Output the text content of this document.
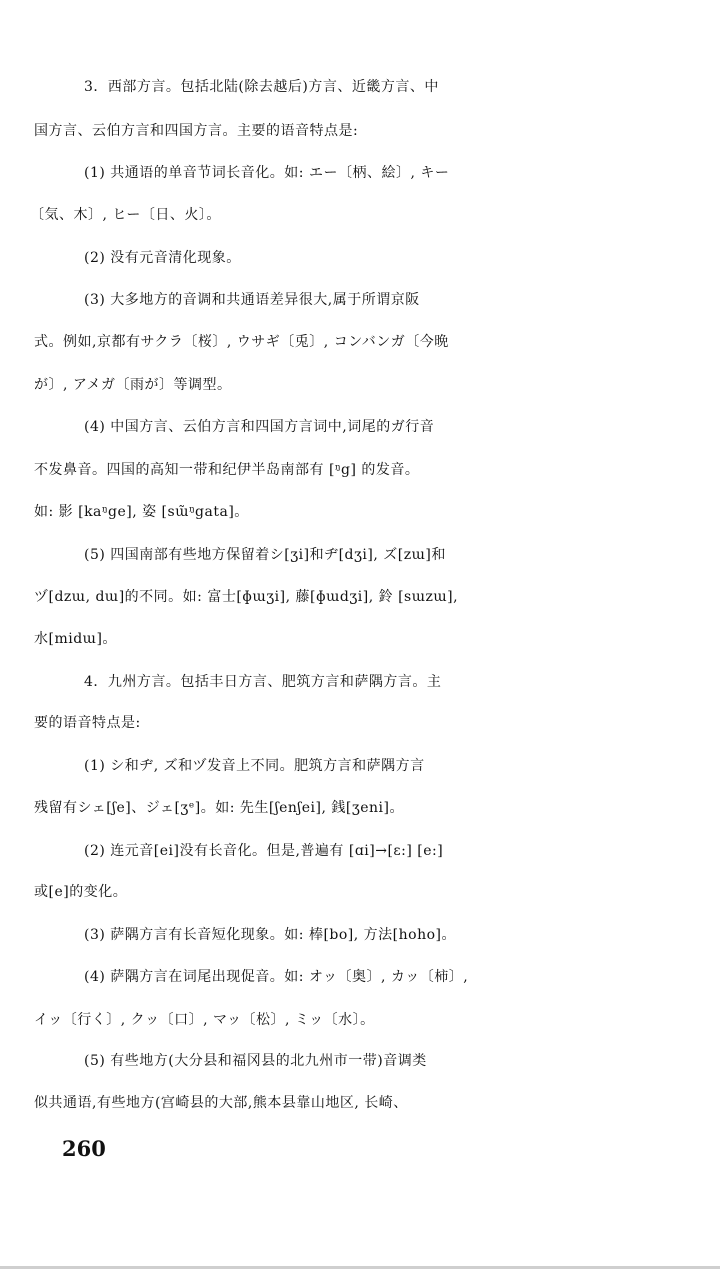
3．西部方言。包括北陆(除去越后)方言、近畿方言、中
国方言、云伯方言和四国方言。主要的语音特点是:
(1) 共通语的单音节词长音化。如: エー〔柄、絵〕, キー
〔気、木〕, ヒー〔日、火〕。
(2) 没有元音清化现象。
(3) 大多地方的音调和共通语差异很大,属于所谓京阪
式。例如,京都有サクラ〔桜〕, ウサギ〔兎〕, コンバンガ〔今晩
が〕, アメガ〔雨が〕等调型。
(4) 中国方言、云伯方言和四国方言词中,词尾的ガ行音
不发鼻音。四国的高知一带和纪伊半岛南部有 [ᵑg] 的发音。
如: 影 [kaᵑge], 姿 [sɯ̃ᵑgata]。
(5) 四国南部有些地方保留着シ[ʒi]和ヂ[dʒi], ズ[zɯ]和
ヅ[dzɯ, dɯ]的不同。如: 富士[ɸɯʒi], 藤[ɸɯdʒi], 鈴 [sɯzɯ],
水[midɯ]。
4．九州方言。包括丰日方言、肥筑方言和萨隅方言。主
要的语音特点是:
(1) シ和ヂ, ズ和ヅ发音上不同。肥筑方言和萨隅方言
残留有シェ[ʃe]、ジェ[ʒᵉ]。如: 先生[ʃenʃei], 銭[ʒeni]。
(2) 连元音[ei]没有长音化。但是,普遍有 [ɑi]→[ɛ:] [e:]
或[e]的变化。
(3) 萨隅方言有长音短化现象。如: 棒[bo], 方法[hoho]。
(4) 萨隅方言在词尾出现促音。如: オッ〔奥〕, カッ〔柿〕,
イッ〔行く〕, クッ〔口〕, マッ〔松〕, ミッ〔水〕。
(5) 有些地方(大分县和福冈县的北九州市一带)音调类
似共通语,有些地方(宫崎县的大部,熊本县靠山地区, 长崎、
260
